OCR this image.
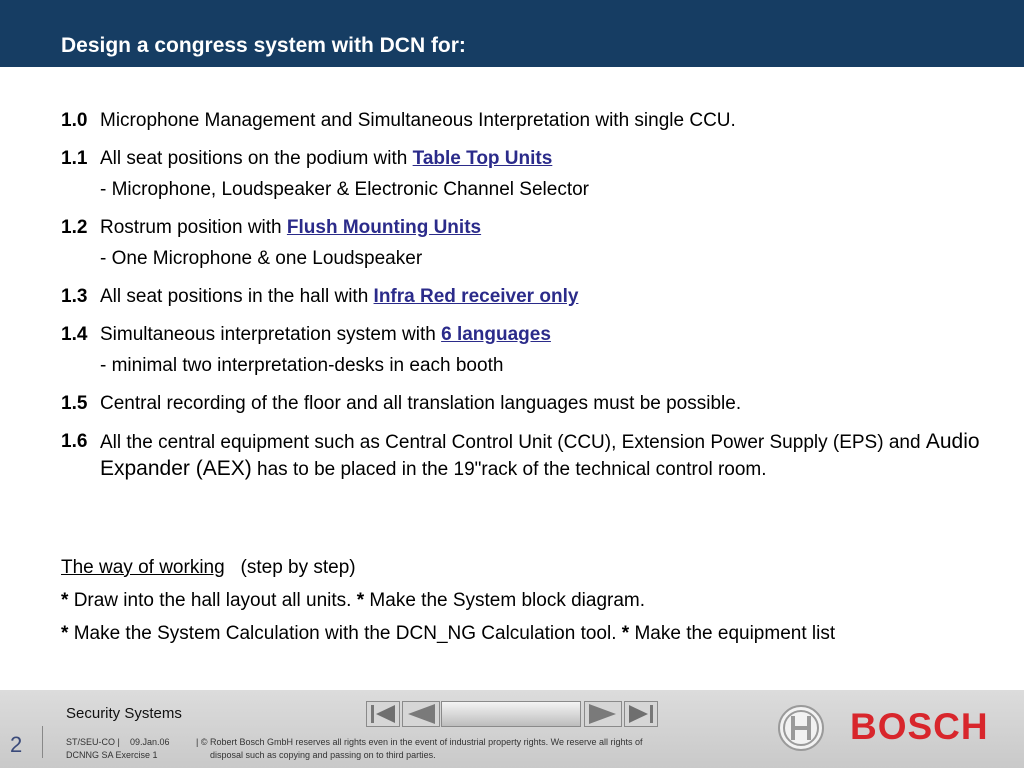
Design a congress system with DCN for:
1.0 Microphone Management and Simultaneous Interpretation with single CCU.
1.1 All seat positions on the podium with Table Top Units
- Microphone, Loudspeaker & Electronic Channel Selector
1.2 Rostrum position with Flush Mounting Units
- One Microphone & one Loudspeaker
1.3 All seat positions in the hall with Infra Red receiver only
1.4 Simultaneous interpretation system with 6 languages
- minimal two interpretation-desks in each booth
1.5 Central recording of the floor and all translation languages must be possible.
1.6 All the central equipment such as Central Control Unit (CCU), Extension Power Supply (EPS) and Audio Expander (AEX) has to be placed in the 19"rack of the technical control room.
The way of working (step by step)
* Draw into the hall layout all units. * Make the System block diagram.
* Make the System Calculation with the DCN_NG Calculation tool. * Make the equipment list
2
Security Systems
ST/SEU-CO | 09.Jan.06
DCNNG SA Exercise 1
| © Robert Bosch GmbH reserves all rights even in the event of industrial property rights. We reserve all rights of
disposal such as copying and passing on to third parties.
BOSCH
